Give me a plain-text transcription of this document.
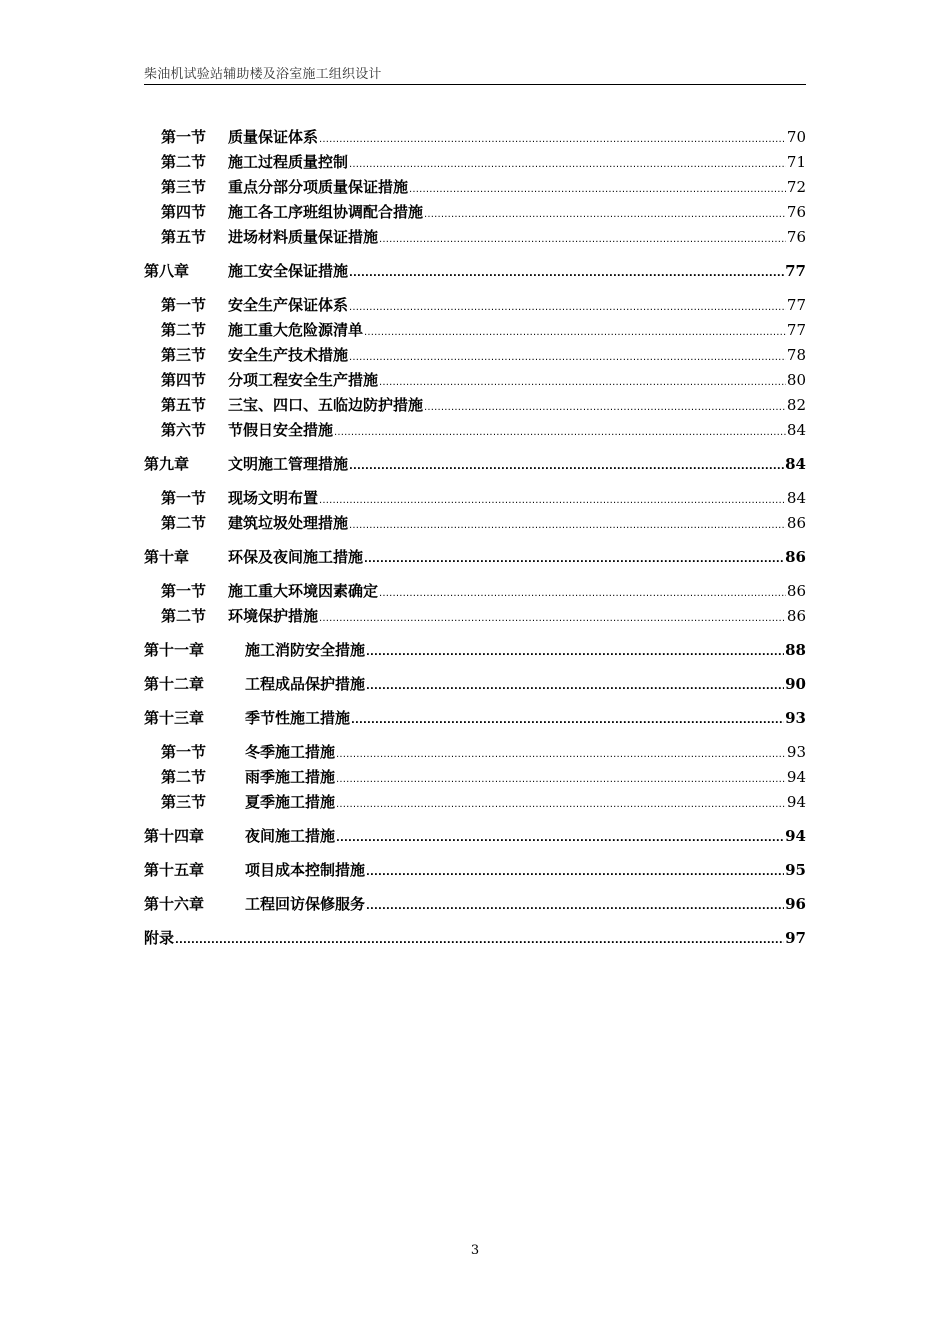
柴油机试验站辅助楼及浴室施工组织设计
第一节	质量保证体系 .....	70
第二节	施工过程质量控制 .....	71
第三节	重点分部分项质量保证措施 .....	72
第四节	施工各工序班组协调配合措施 .....	76
第五节	进场材料质量保证措施 .....	76
第八章	施工安全保证措施 .....	77
第一节	安全生产保证体系 .....	77
第二节	施工重大危险源清单 .....	77
第三节	安全生产技术措施 .....	78
第四节	分项工程安全生产措施 .....	80
第五节	三宝、四口、五临边防护措施 .....	82
第六节	节假日安全措施 .....	84
第九章	文明施工管理措施 .....	84
第一节	现场文明布置 .....	84
第二节	建筑垃圾处理措施 .....	86
第十章	环保及夜间施工措施 .....	86
第一节	施工重大环境因素确定 .....	86
第二节	环境保护措施 .....	86
第十一章	施工消防安全措施 .....	88
第十二章	工程成品保护措施 .....	90
第十三章	季节性施工措施 .....	93
第一节	冬季施工措施 .....	93
第二节	雨季施工措施 .....	94
第三节	夏季施工措施 .....	94
第十四章	夜间施工措施 .....	94
第十五章	项目成本控制措施 .....	95
第十六章	工程回访保修服务 .....	96
附录 .....	97
3
